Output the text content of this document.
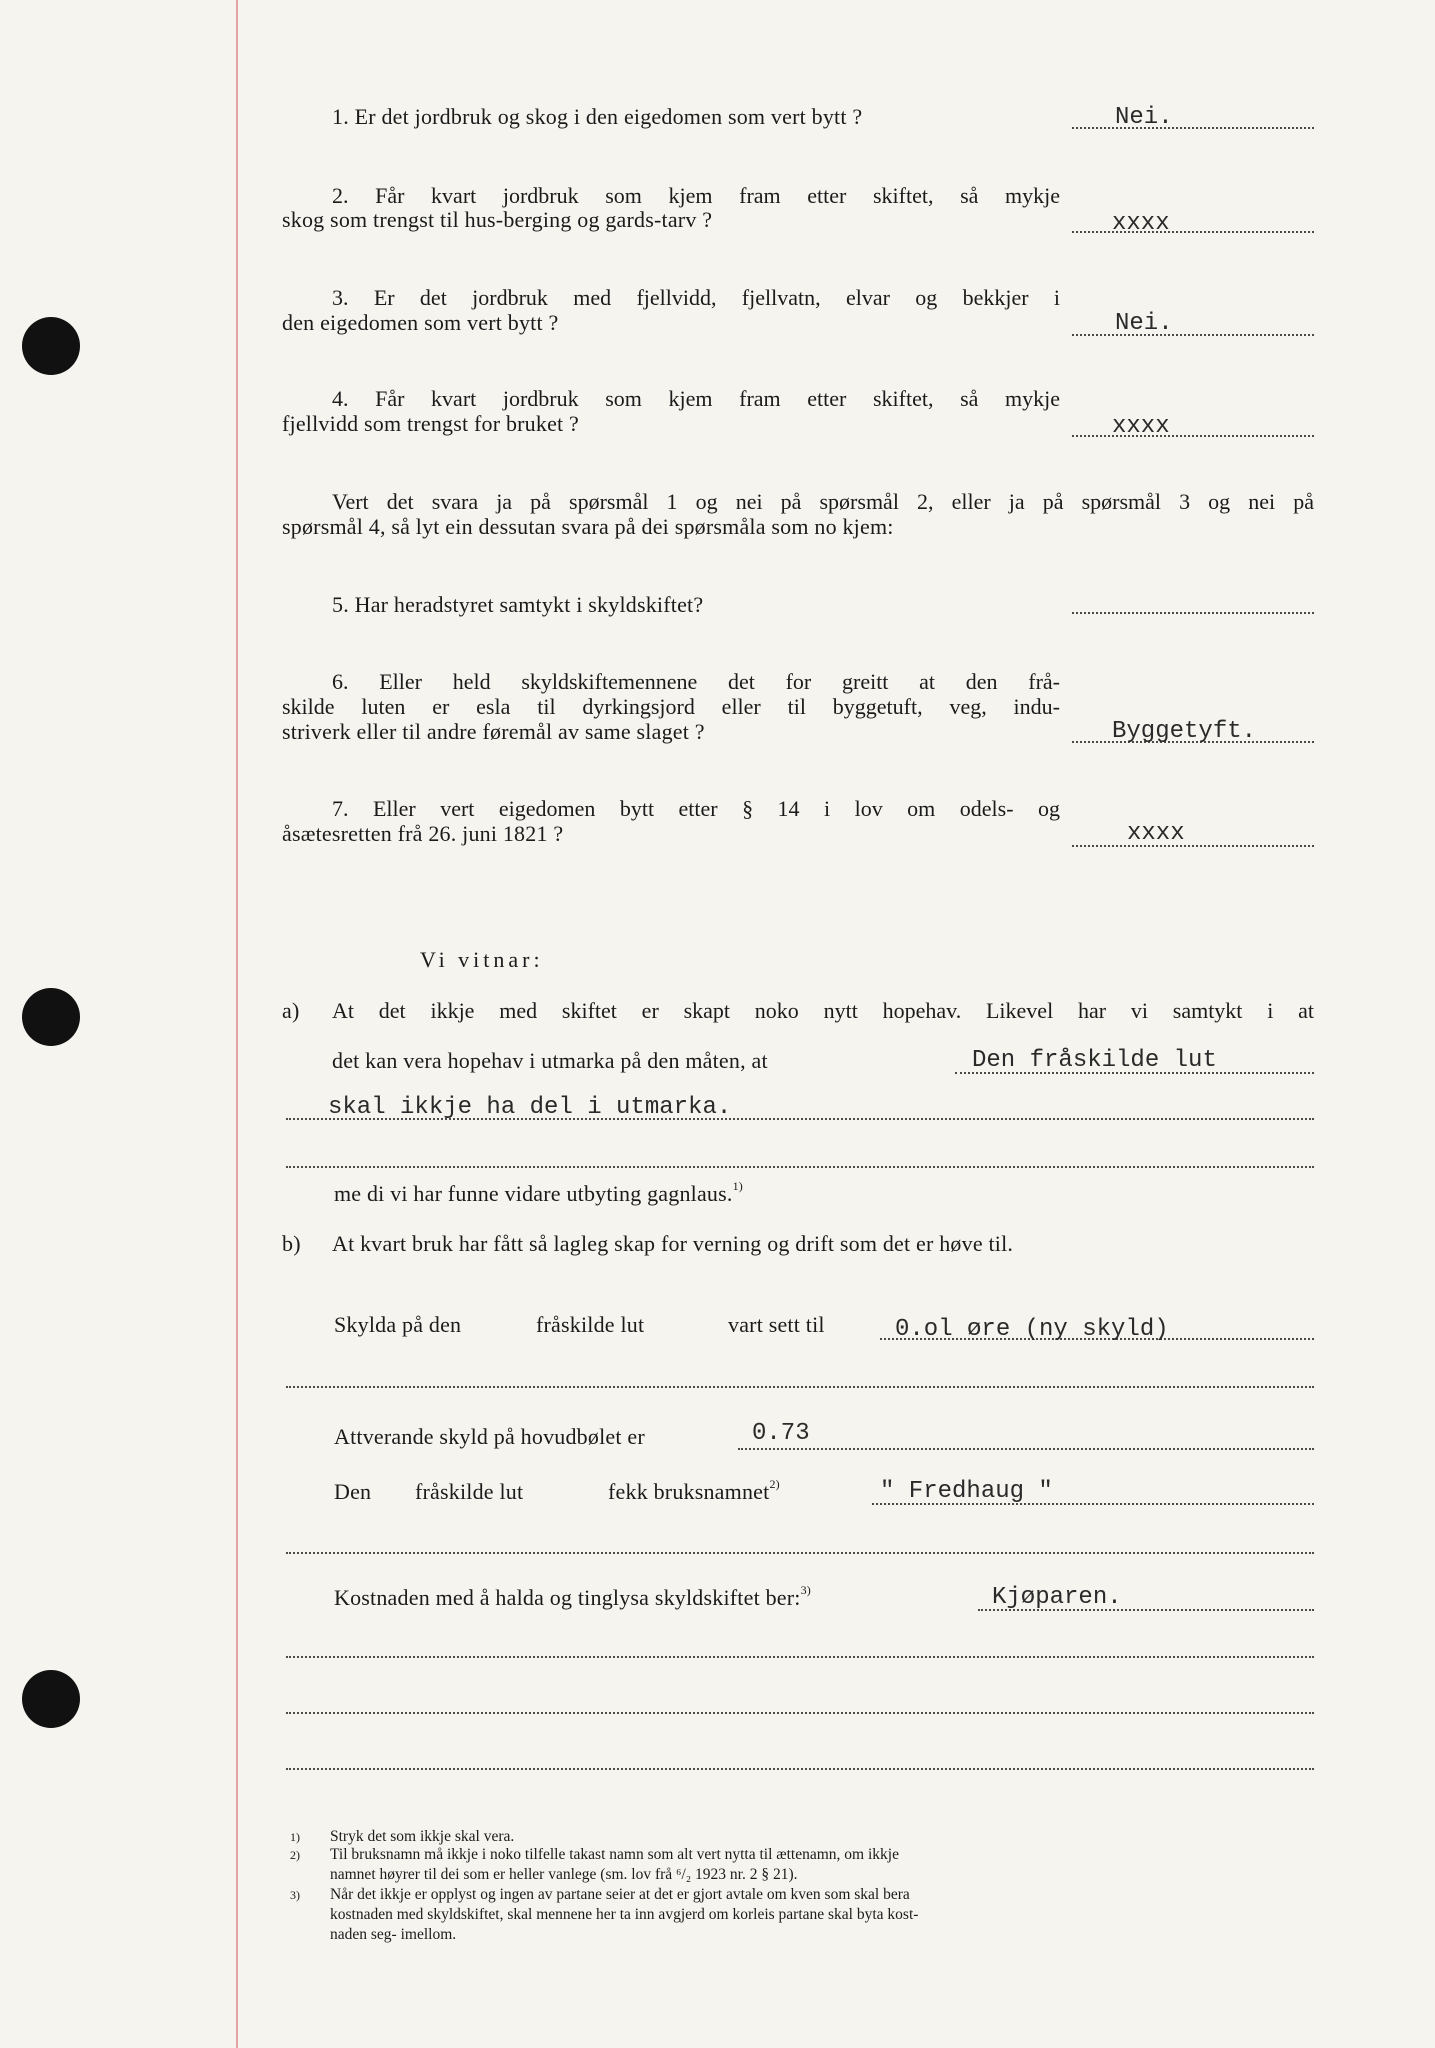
1. Er det jordbruk og skog i den eigedomen som vert bytt ?	Nei.
2. Får kvart jordbruk som kjem fram etter skiftet, så mykje
skog som trengst til hus-berging og gards-tarv ?	xxxx
3. Er det jordbruk med fjellvidd, fjellvatn, elvar og bekkjer i
den eigedomen som vert bytt ?	Nei.
4. Får kvart jordbruk som kjem fram etter skiftet, så mykje
fjellvidd som trengst for bruket ?	xxxx
Vert det svara ja på spørsmål 1 og nei på spørsmål 2, eller ja på spørsmål 3 og nei på
spørsmål 4, så lyt ein dessutan svara på dei spørsmåla som no kjem:
5. Har heradstyret samtykt i skyldskiftet?
6. Eller held skyldskiftemennene det for greitt at den frå-
skilde luten er esla til dyrkingsjord eller til byggetuft, veg, indu-
striverk eller til andre føremål av same slaget ?	Byggetyft.
7. Eller vert eigedomen bytt etter § 14 i lov om odels- og
åsætesretten frå 26. juni 1821 ?	xxxx
Vi vitnar:
a) At det ikkje med skiftet er skapt noko nytt hopehav. Likevel har vi samtykt i at
det kan vera hopehav i utmarka på den måten, at	Den fråskilde lut
skal ikkje ha del i utmarka.
me di vi har funne vidare utbyting gagnlaus.$^{1)}$
b) At kvart bruk har fått så lagleg skap for verning og drift som det er høve til.
Skylda på den	fråskilde lut	vart sett til	0.ol øre (ny skyld)
Attverande skyld på hovudbølet er	0.73
Den fråskilde lut	fekk bruksnamnet$^{2)}$	" Fredhaug "
Kostnaden med å halda og tinglysa skyldskiftet ber:$^{3)}$	Kjøparen.
1) Stryk det som ikkje skal vera.
2) Til bruksnamn må ikkje i noko tilfelle takast namn som alt vert nytta til ættenamn, om ikkje
namnet høyrer til dei som er heller vanlege (sm. lov frå ⁶/₂ 1923 nr. 2 § 21).
3) Når det ikkje er opplyst og ingen av partane seier at det er gjort avtale om kven som skal bera
kostnaden med skyldskiftet, skal mennene her ta inn avgjerd om korleis partane skal byta kost-
naden seg- imellom.
